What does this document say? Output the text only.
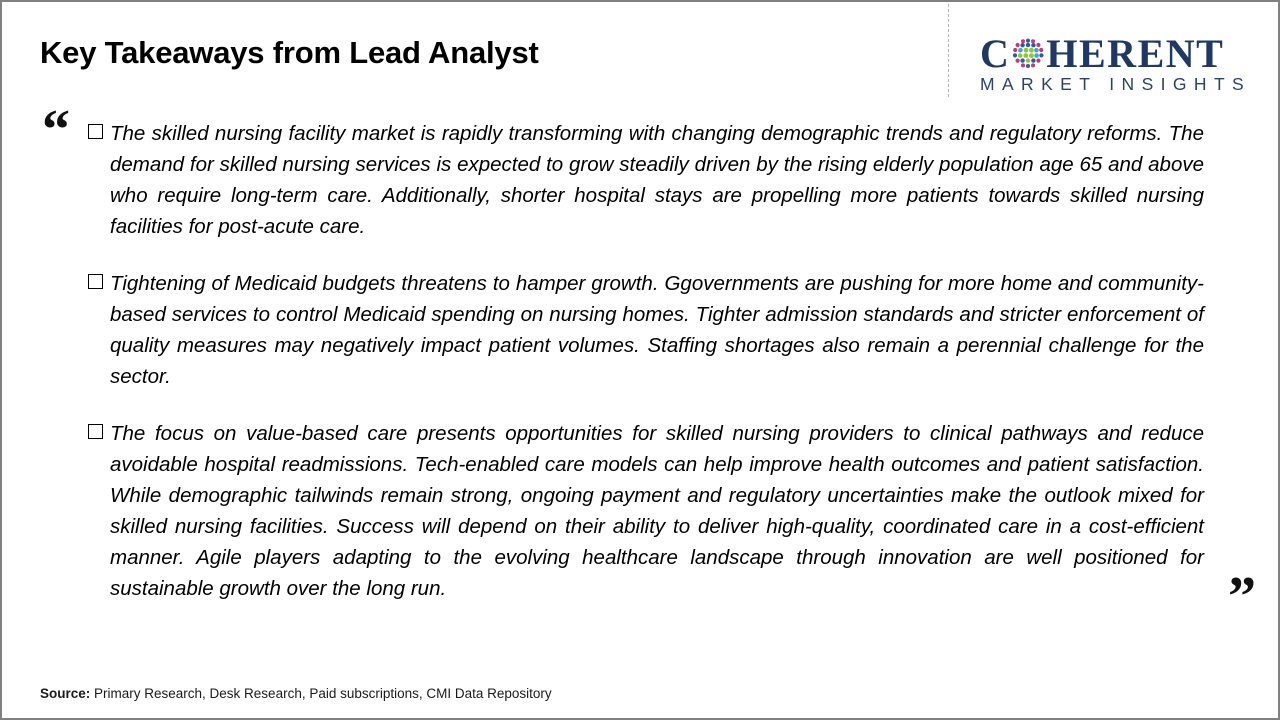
Key Takeaways from Lead Analyst	C HERENT
MARKET INSIGHTS
“ The skilled nursing facility market is rapidly transforming with changing demographic trends and regulatory reforms. The demand for skilled nursing services is expected to grow steadily driven by the rising elderly population age 65 and above who require long-term care. Additionally, shorter hospital stays are propelling more patients towards skilled nursing facilities for post-acute care.
Tightening of Medicaid budgets threatens to hamper growth. Ggovernments are pushing for more home and community-based services to control Medicaid spending on nursing homes. Tighter admission standards and stricter enforcement of quality measures may negatively impact patient volumes. Staffing shortages also remain a perennial challenge for the sector.
The focus on value-based care presents opportunities for skilled nursing providers to clinical pathways and reduce avoidable hospital readmissions. Tech-enabled care models can help improve health outcomes and patient satisfaction. While demographic tailwinds remain strong, ongoing payment and regulatory uncertainties make the outlook mixed for skilled nursing facilities. Success will depend on their ability to deliver high-quality, coordinated care in a cost-efficient manner. Agile players adapting to the evolving healthcare landscape through innovation are well positioned for sustainable growth over the long run.	”
Source: Primary Research, Desk Research, Paid subscriptions, CMI Data Repository
